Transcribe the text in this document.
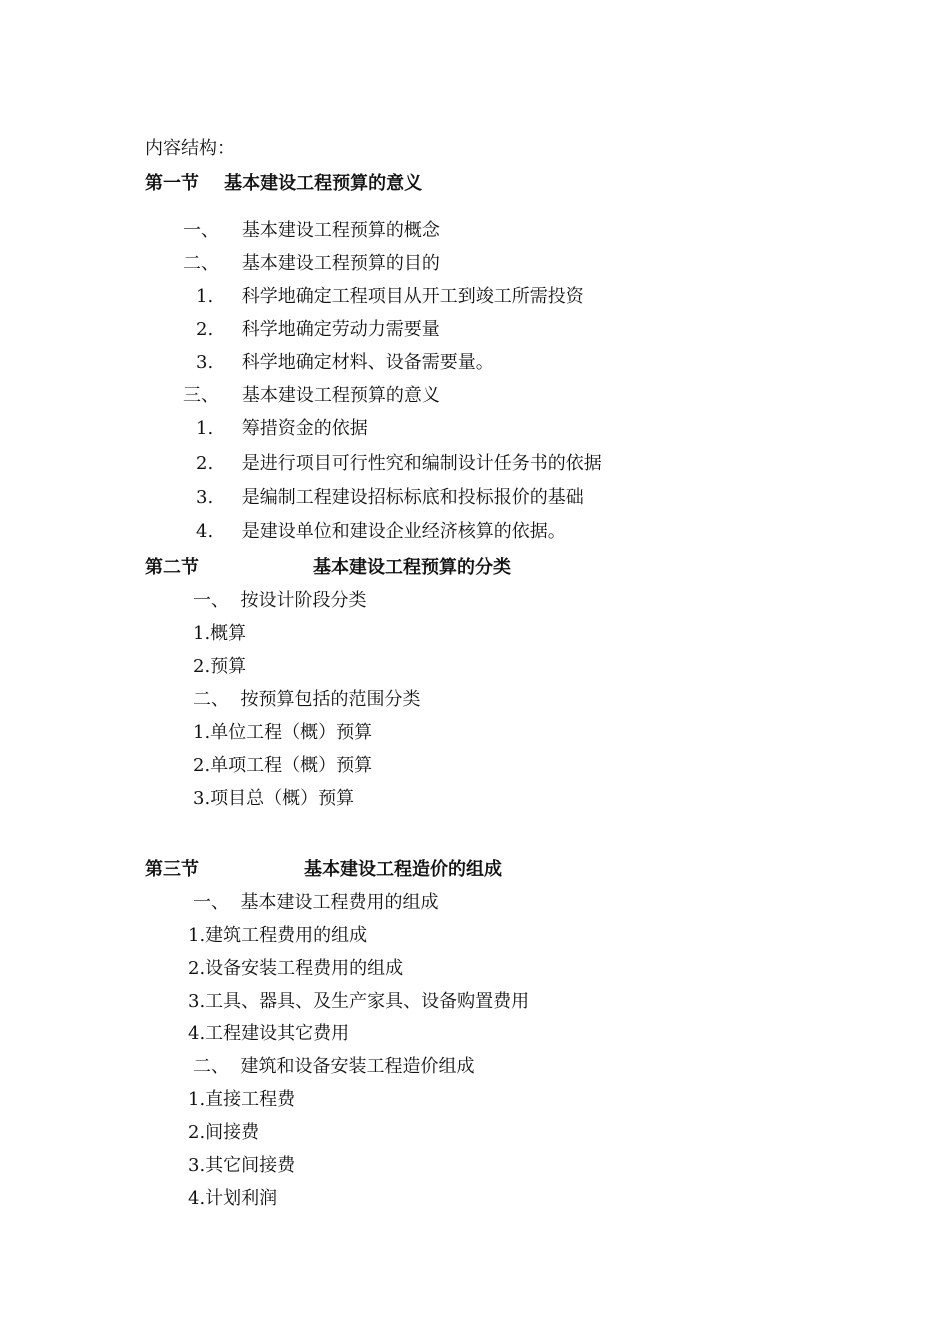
内容结构：
第一节    基本建设工程预算的意义
一、    基本建设工程预算的概念
二、    基本建设工程预算的目的
1.     科学地确定工程项目从开工到竣工所需投资
2.     科学地确定劳动力需要量
3.     科学地确定材料、设备需要量。
三、    基本建设工程预算的意义
1.     筹措资金的依据
2.     是进行项目可行性究和编制设计任务书的依据
3.     是编制工程建设招标标底和投标报价的基础
4.     是建设单位和建设企业经济核算的依据。
第二节	基本建设工程预算的分类
一、  按设计阶段分类
1.概算
2.预算
二、  按预算包括的范围分类
1.单位工程（概）预算
2.单项工程（概）预算
3.项目总（概）预算
第三节	基本建设工程造价的组成
一、  基本建设工程费用的组成
1.建筑工程费用的组成
2.设备安装工程费用的组成
3.工具、器具、及生产家具、设备购置费用
4.工程建设其它费用
二、  建筑和设备安装工程造价组成
1.直接工程费
2.间接费
3.其它间接费
4.计划利润
